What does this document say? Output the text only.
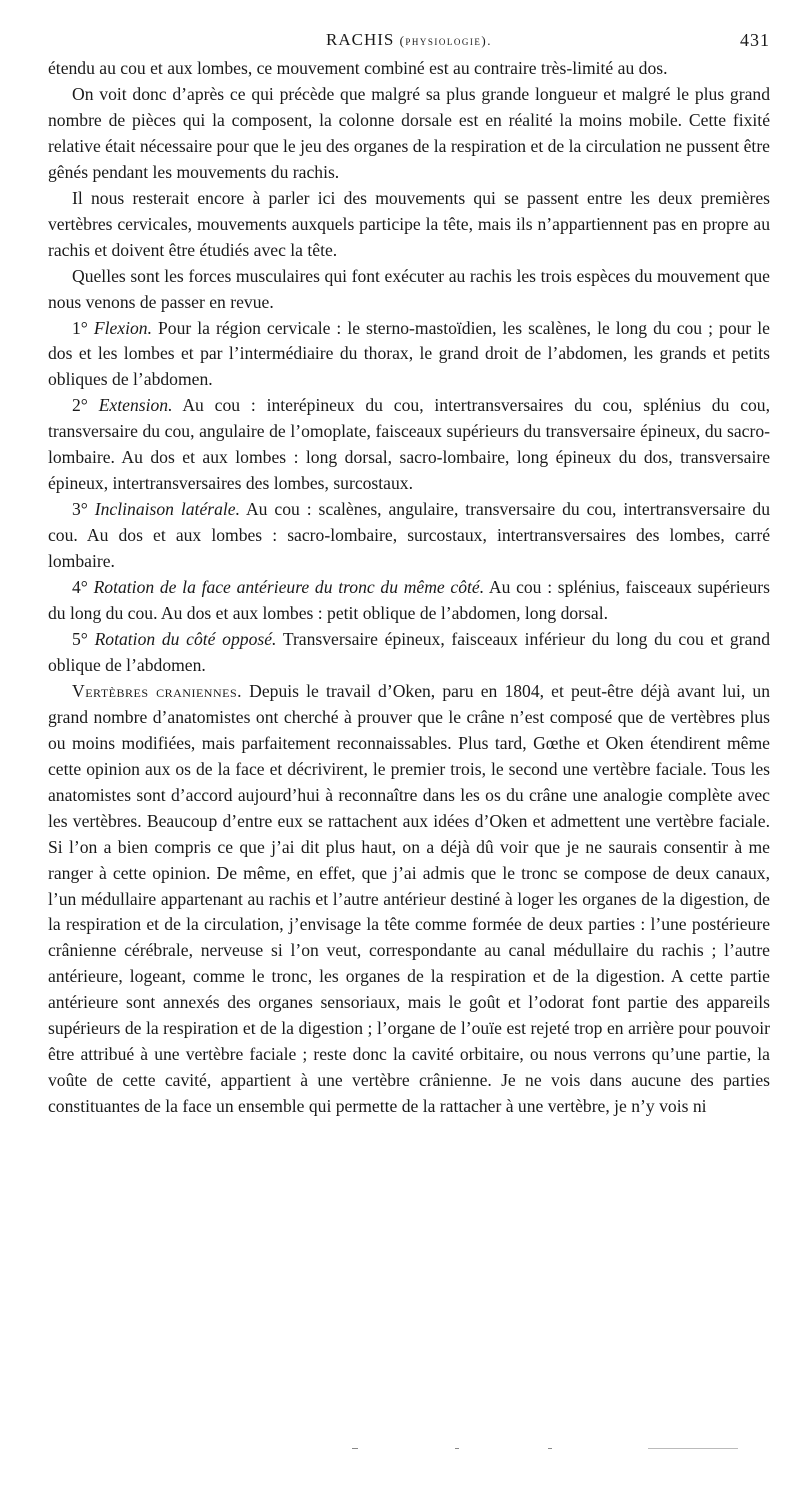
RACHIS (physiologie).	431

étendu au cou et aux lombes, ce mouvement combiné est au contraire très-limité au dos.

On voit donc d’après ce qui précède que malgré sa plus grande longueur et malgré le plus grand nombre de pièces qui la composent, la colonne dorsale est en réalité la moins mobile. Cette fixité relative était nécessaire pour que le jeu des organes de la respiration et de la circulation ne pussent être gênés pendant les mouvements du rachis.

Il nous resterait encore à parler ici des mouvements qui se passent entre les deux premières vertèbres cervicales, mouvements auxquels participe la tête, mais ils n’appartiennent pas en propre au rachis et doivent être étudiés avec la tête.

Quelles sont les forces musculaires qui font exécuter au rachis les trois espèces du mouvement que nous venons de passer en revue.

1° Flexion. Pour la région cervicale : le sterno-mastoïdien, les scalènes, le long du cou ; pour le dos et les lombes et par l’intermédiaire du thorax, le grand droit de l’abdomen, les grands et petits obliques de l’abdomen.

2° Extension. Au cou : interépineux du cou, intertransversaires du cou, splénius du cou, transversaire du cou, angulaire de l’omoplate, faisceaux supérieurs du transversaire épineux, du sacro-lombaire. Au dos et aux lombes : long dorsal, sacro-lombaire, long épineux du dos, transversaire épineux, intertransversaires des lombes, surcostaux.

3° Inclinaison latérale. Au cou : scalènes, angulaire, transversaire du cou, intertransversaire du cou. Au dos et aux lombes : sacro-lombaire, surcostaux, intertransversaires des lombes, carré lombaire.

4° Rotation de la face antérieure du tronc du même côté. Au cou : splénius, faisceaux supérieurs du long du cou. Au dos et aux lombes : petit oblique de l’abdomen, long dorsal.

5° Rotation du côté opposé. Transversaire épineux, faisceaux inférieur du long du cou et grand oblique de l’abdomen.

Vertèbres craniennes. Depuis le travail d’Oken, paru en 1804, et peut-être déjà avant lui, un grand nombre d’anatomistes ont cherché à prouver que le crâne n’est composé que de vertèbres plus ou moins modifiées, mais parfaitement reconnaissables. Plus tard, Gœthe et Oken étendirent même cette opinion aux os de la face et décrivirent, le premier trois, le second une vertèbre faciale. Tous les anatomistes sont d’accord aujourd’hui à reconnaître dans les os du crâne une analogie complète avec les vertèbres. Beaucoup d’entre eux se rattachent aux idées d’Oken et admettent une vertèbre faciale. Si l’on a bien compris ce que j’ai dit plus haut, on a déjà dû voir que je ne saurais consentir à me ranger à cette opinion. De même, en effet, que j’ai admis que le tronc se compose de deux canaux, l’un médullaire appartenant au rachis et l’autre antérieur destiné à loger les organes de la digestion, de la respiration et de la circulation, j’envisage la tête comme formée de deux parties : l’une postérieure crânienne cérébrale, nerveuse si l’on veut, correspondante au canal médullaire du rachis ; l’autre antérieure, logeant, comme le tronc, les organes de la respiration et de la digestion. A cette partie antérieure sont annexés des organes sensoriaux, mais le goût et l’odorat font partie des appareils supérieurs de la respiration et de la digestion ; l’organe de l’ouïe est rejeté trop en arrière pour pouvoir être attribué à une vertèbre faciale ; reste donc la cavité orbitaire, ou nous verrons qu’une partie, la voûte de cette cavité, appartient à une vertèbre crânienne. Je ne vois dans aucune des parties constituantes de la face un ensemble qui permette de la rattacher à une vertèbre, je n’y vois ni
